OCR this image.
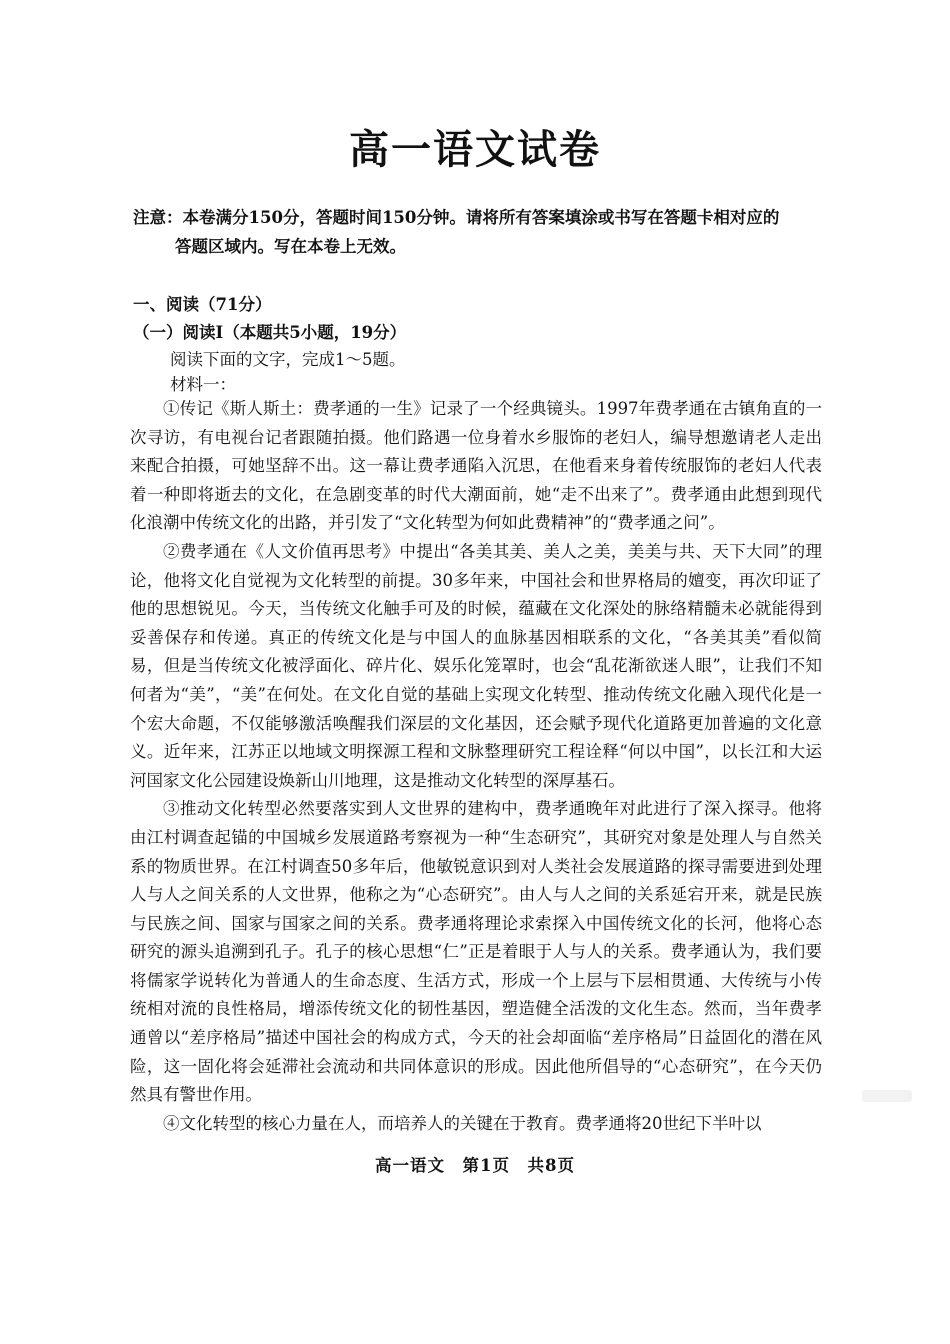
高一语文试卷
注意：本卷满分150分，答题时间150分钟。请将所有答案填涂或书写在答题卡相对应的
答题区域内。写在本卷上无效。
一、阅读（71分）
（一）阅读Ⅰ（本题共5小题，19分）
阅读下面的文字，完成1～5题。
材料一：

①传记《斯人斯土：费孝通的一生》记录了一个经典镜头。1997年费孝通在古镇角直的一次寻访，有电视台记者跟随拍摄。他们路遇一位身着水乡服饰的老妇人，编导想邀请老人走出来配合拍摄，可她坚辞不出。这一幕让费孝通陷入沉思，在他看来身着传统服饰的老妇人代表着一种即将逝去的文化，在急剧变革的时代大潮面前，她“走不出来了”。费孝通由此想到现代化浪潮中传统文化的出路，并引发了“文化转型为何如此费精神”的“费孝通之问”。

②费孝通在《人文价值再思考》中提出“各美其美、美人之美，美美与共、天下大同”的理论，他将文化自觉视为文化转型的前提。30多年来，中国社会和世界格局的嬗变，再次印证了他的思想锐见。今天，当传统文化触手可及的时候，蕴藏在文化深处的脉络精髓未必就能得到妥善保存和传递。真正的传统文化是与中国人的血脉基因相联系的文化，“各美其美”看似简易，但是当传统文化被浮面化、碎片化、娱乐化笼罩时，也会“乱花渐欲迷人眼”，让我们不知何者为“美”，“美”在何处。在文化自觉的基础上实现文化转型、推动传统文化融入现代化是一个宏大命题，不仅能够激活唤醒我们深层的文化基因，还会赋予现代化道路更加普遍的文化意义。近年来，江苏正以地域文明探源工程和文脉整理研究工程诠释“何以中国”，以长江和大运河国家文化公园建设焕新山川地理，这是推动文化转型的深厚基石。

③推动文化转型必然要落实到人文世界的建构中，费孝通晚年对此进行了深入探寻。他将由江村调查起锚的中国城乡发展道路考察视为一种“生态研究”，其研究对象是处理人与自然关系的物质世界。在江村调查50多年后，他敏锐意识到对人类社会发展道路的探寻需要进到处理人与人之间关系的人文世界，他称之为“心态研究”。由人与人之间的关系延宕开来，就是民族与民族之间、国家与国家之间的关系。费孝通将理论求索探入中国传统文化的长河，他将心态研究的源头追溯到孔子。孔子的核心思想“仁”正是着眼于人与人的关系。费孝通认为，我们要将儒家学说转化为普通人的生命态度、生活方式，形成一个上层与下层相贯通、大传统与小传统相对流的良性格局，增添传统文化的韧性基因，塑造健全活泼的文化生态。然而，当年费孝通曾以“差序格局”描述中国社会的构成方式，今天的社会却面临“差序格局”日益固化的潜在风险，这一固化将会延滞社会流动和共同体意识的形成。因此他所倡导的“心态研究”，在今天仍然具有警世作用。

④文化转型的核心力量在人，而培养人的关键在于教育。费孝通将20世纪下半叶以

高一语文　第1页　共8页
